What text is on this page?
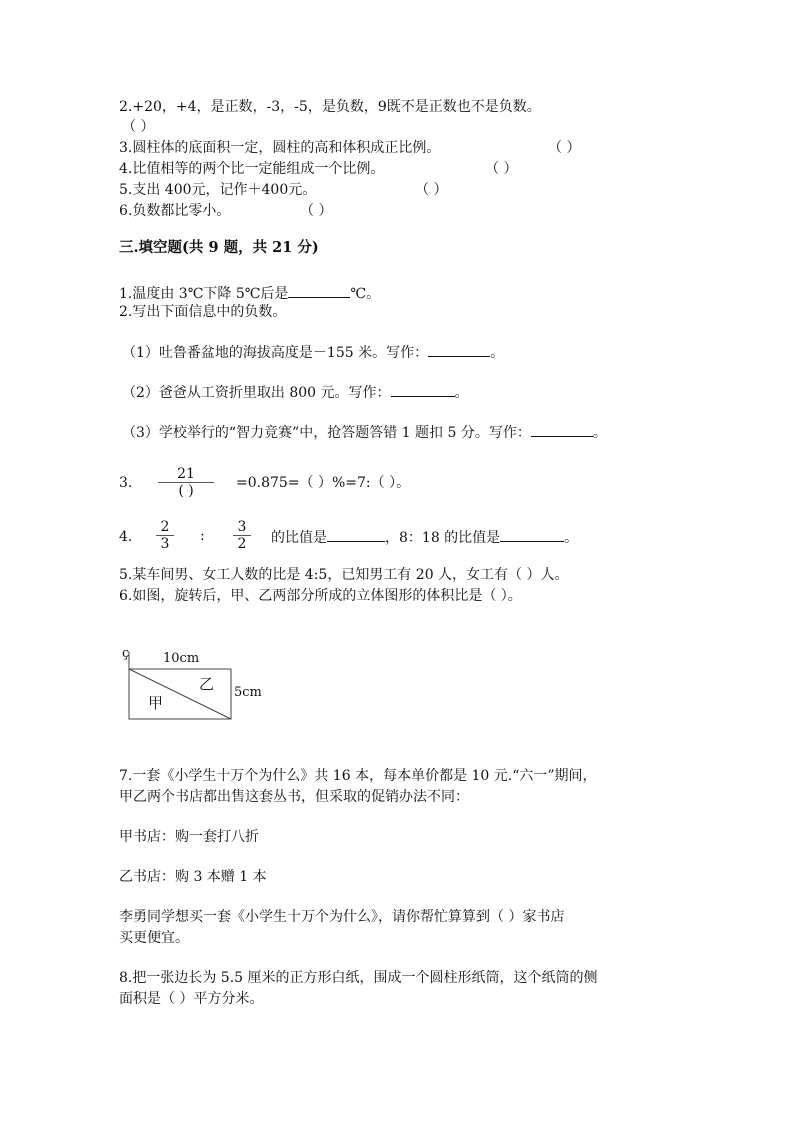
2.+20，+4，是正数，-3，-5，是负数，9既不是正数也不是负数。
（ ）
3.圆柱体的底面积一定，圆柱的高和体积成正比例。	（ ）
4.比值相等的两个比一定能组成一个比例。	（ ）
5.支出 400元，记作＋400元。	（ ）
6.负数都比零小。	（ ）
三.填空题(共 9 题，共 21 分)
1.温度由 3℃下降 5℃后是	℃。
2.写出下面信息中的负数。
（1）吐鲁番盆地的海拔高度是－155 米。写作：	。
（2）爸爸从工资折里取出 800 元。写作：	。
（3）学校举行的“智力竞赛”中，抢答题答错 1 题扣 5 分。写作：	。
3.
21
( )	=0.875=（ ）%=7:（ ）。
4.
2
3	:
3
2	的比值是	，8：18 的比值是	。
5.某车间男、女工人数的比是 4:5，已知男工有 20 人，女工有（ ）人。
6.如图，旋转后，甲、乙两部分所成的立体图形的体积比是（ ）。
ç	10cm
5cm
甲
乙
7.一套《小学生十万个为什么》共 16 本，每本单价都是 10 元.“六一”期间，
甲乙两个书店都出售这套丛书，但采取的促销办法不同：
甲书店：购一套打八折
乙书店：购 3 本赠 1 本
李勇同学想买一套《小学生十万个为什么》，请你帮忙算算到（ ）家书店
买更便宜。
8.把一张边长为 5.5 厘米的正方形白纸，围成一个圆柱形纸筒，这个纸筒的侧
面积是（ ）平方分米。
